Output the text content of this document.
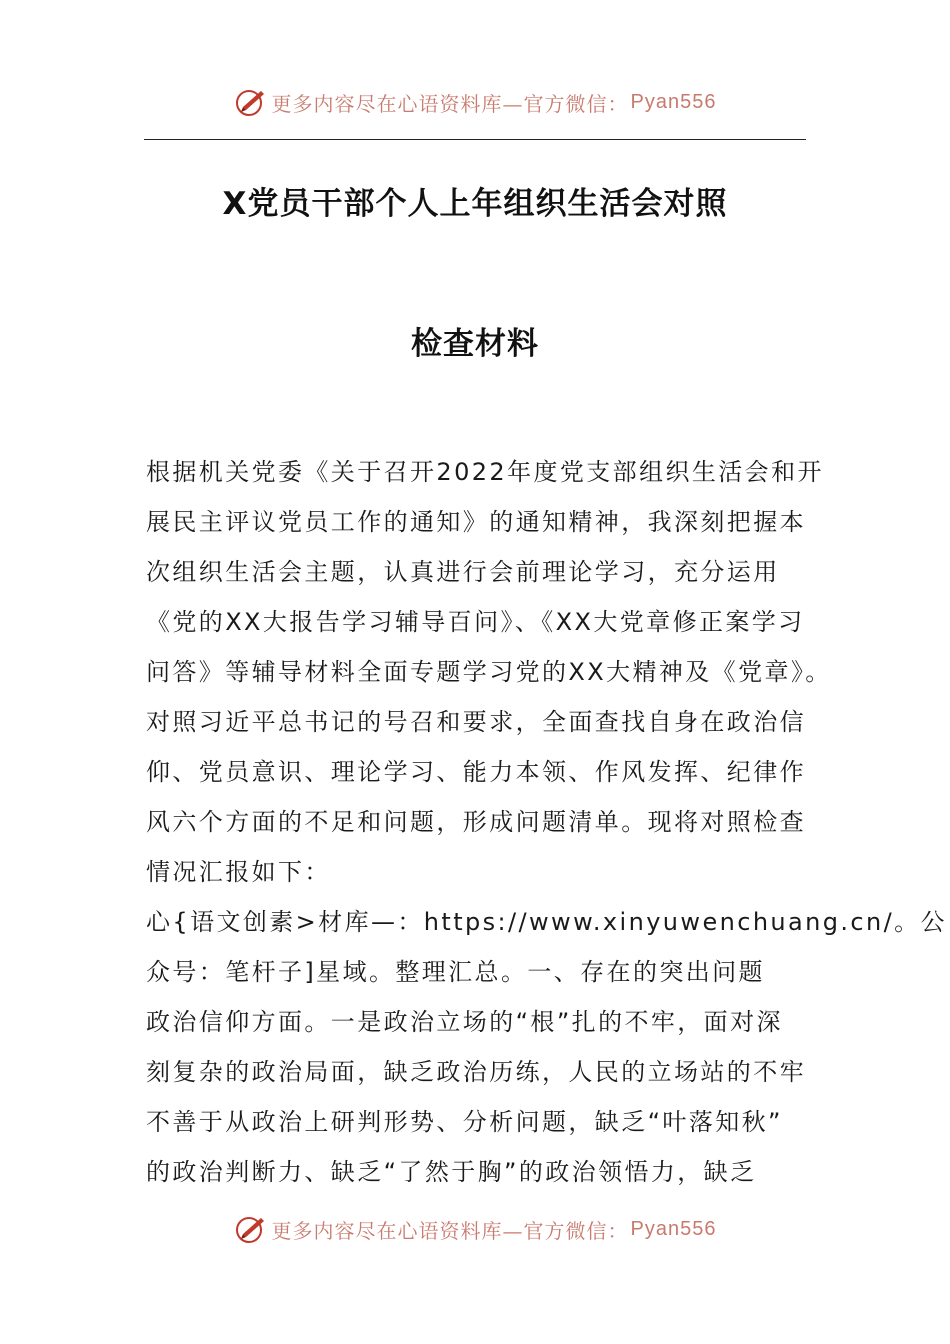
更多内容尽在心语资料库—官方微信： Pyan556
X党员干部个人上年组织生活会对照
检查材料

根据机关党委《关于召开2022年度党支部组织生活会和开

展民主评议党员工作的通知》的通知精神，我深刻把握本

次组织生活会主题，认真进行会前理论学习，充分运用

《党的XX大报告学习辅导百问》、《XX大党章修正案学习

问答》等辅导材料全面专题学习党的XX大精神及《党章》。

对照习近平总书记的号召和要求，全面查找自身在政治信

仰、党员意识、理论学习、能力本领、作风发挥、纪律作

风六个方面的不足和问题，形成问题清单。现将对照检查

情况汇报如下：

心{语文创素>材库—：https://www.xinyuwenchuang.cn/。公

众号：笔杆子]星域。整理汇总。一、存在的突出问题

政治信仰方面。一是政治立场的“根”扎的不牢，面对深

刻复杂的政治局面，缺乏政治历练，人民的立场站的不牢

不善于从政治上研判形势、分析问题，缺乏“叶落知秋”

的政治判断力、缺乏“了然于胸”的政治领悟力，缺乏

更多内容尽在心语资料库—官方微信： Pyan556
